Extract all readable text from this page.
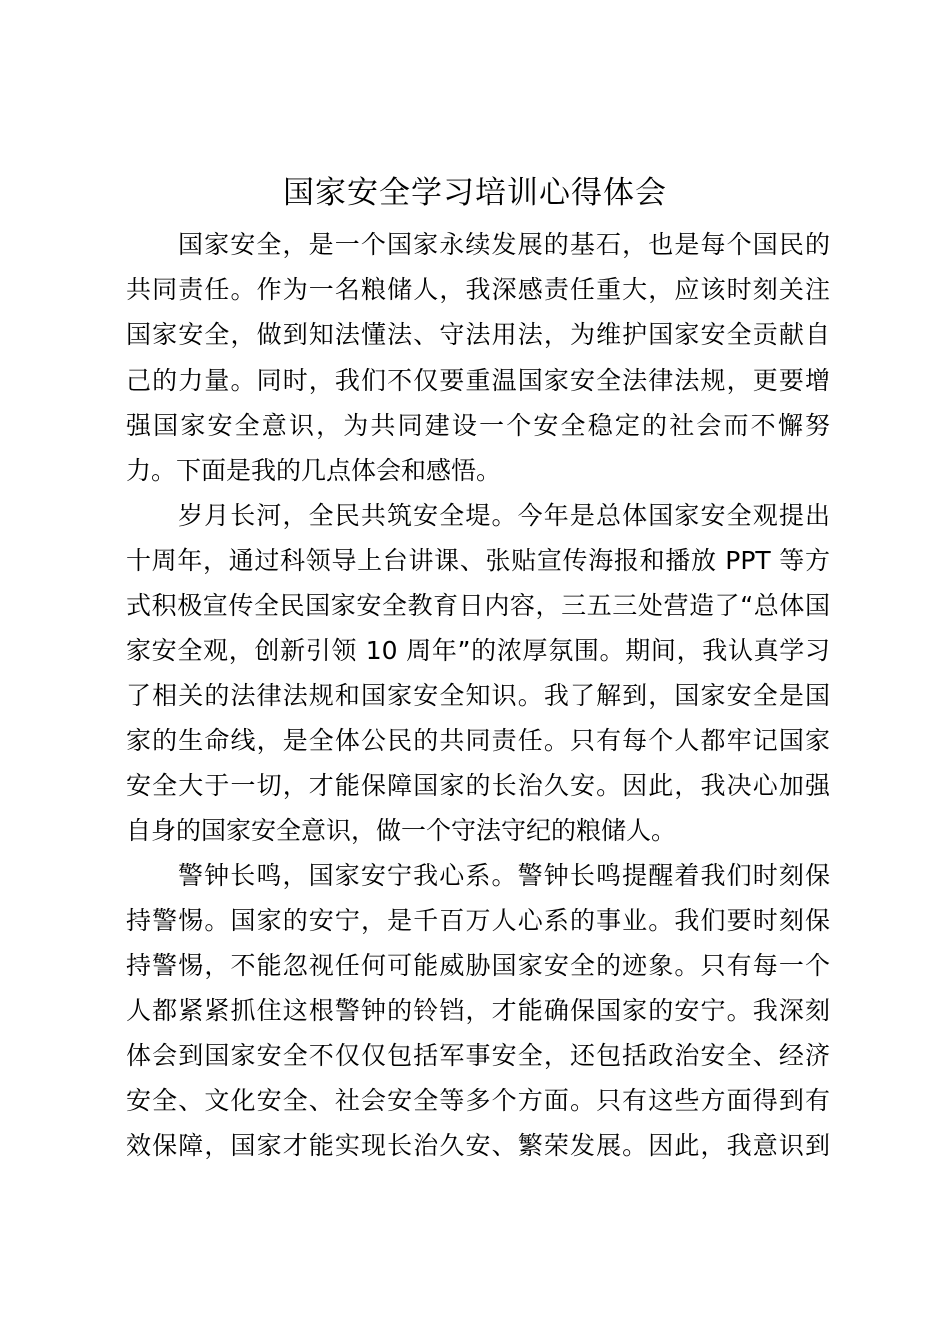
国家安全学习培训心得体会
国家安全，是一个国家永续发展的基石，也是每个国民的
共同责任。作为一名粮储人，我深感责任重大，应该时刻关注
国家安全，做到知法懂法、守法用法，为维护国家安全贡献自
己的力量。同时，我们不仅要重温国家安全法律法规，更要增
强国家安全意识，为共同建设一个安全稳定的社会而不懈努
力。下面是我的几点体会和感悟。
岁月长河，全民共筑安全堤。今年是总体国家安全观提出
十周年，通过科领导上台讲课、张贴宣传海报和播放 PPT 等方
式积极宣传全民国家安全教育日内容，三五三处营造了“总体国
家安全观，创新引领 10 周年”的浓厚氛围。期间，我认真学习
了相关的法律法规和国家安全知识。我了解到，国家安全是国
家的生命线，是全体公民的共同责任。只有每个人都牢记国家
安全大于一切，才能保障国家的长治久安。因此，我决心加强
自身的国家安全意识，做一个守法守纪的粮储人。
警钟长鸣，国家安宁我心系。警钟长鸣提醒着我们时刻保
持警惕。国家的安宁，是千百万人心系的事业。我们要时刻保
持警惕，不能忽视任何可能威胁国家安全的迹象。只有每一个
人都紧紧抓住这根警钟的铃铛，才能确保国家的安宁。我深刻
体会到国家安全不仅仅包括军事安全，还包括政治安全、经济
安全、文化安全、社会安全等多个方面。只有这些方面得到有
效保障，国家才能实现长治久安、繁荣发展。因此，我意识到
